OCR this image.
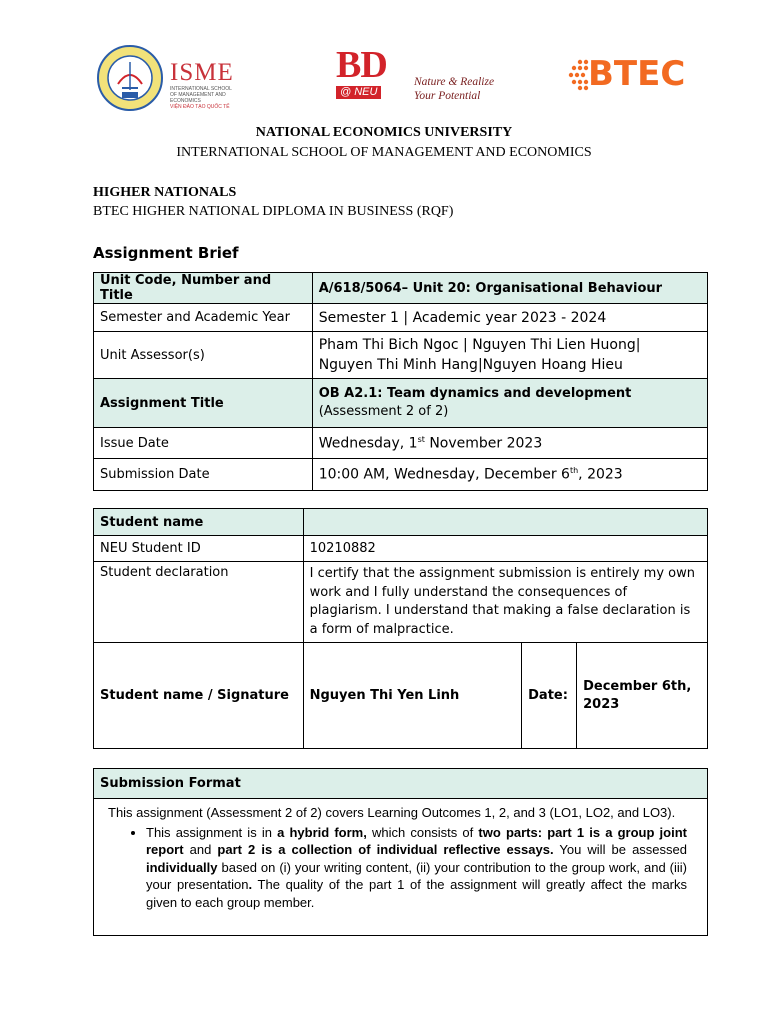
ISME
INTERNATIONAL SCHOOL OF MANAGEMENT AND ECONOMICS
VIỆN ĐÀO TẠO QUỐC TẾ
BD
@ NEU
Nature & Realize
Your Potential
BTEC
NATIONAL ECONOMICS UNIVERSITY
INTERNATIONAL SCHOOL OF MANAGEMENT AND ECONOMICS
HIGHER NATIONALS
BTEC HIGHER NATIONAL DIPLOMA IN BUSINESS (RQF)
Assignment Brief
Unit Code, Number and Title	A/618/5064– Unit 20: Organisational Behaviour
Semester and Academic Year	Semester 1 | Academic year 2023 - 2024
Unit Assessor(s)	Pham Thi Bich Ngoc | Nguyen Thi Lien Huong|
Nguyen Thi Minh Hang|Nguyen Hoang Hieu

Assignment Title	OB A2.1: Team dynamics and development
(Assessment 2 of 2)

Issue Date	Wednesday, 1st November 2023
Submission Date	10:00 AM, Wednesday, December 6th, 2023
Student name			
NEU Student ID	10210882		
Student declaration	I certify that the assignment submission is entirely my own work and I fully understand the consequences of plagiarism. I understand that making a false declaration is a form of malpractice.		
Student name / Signature	Nguyen Thi Yen Linh	Date:	December 6th, 2023
Submission Format

This assignment (Assessment 2 of 2) covers Learning Outcomes 1, 2, and 3 (LO1, LO2, and LO3).
• This assignment is in a hybrid form, which consists of two parts: part 1 is a group joint report and part 2 is a collection of individual reflective essays. You will be assessed individually based on (i) your writing content, (ii) your contribution to the group work, and (iii) your presentation. The quality of the part 1 of the assignment will greatly affect the marks given to each group member.
